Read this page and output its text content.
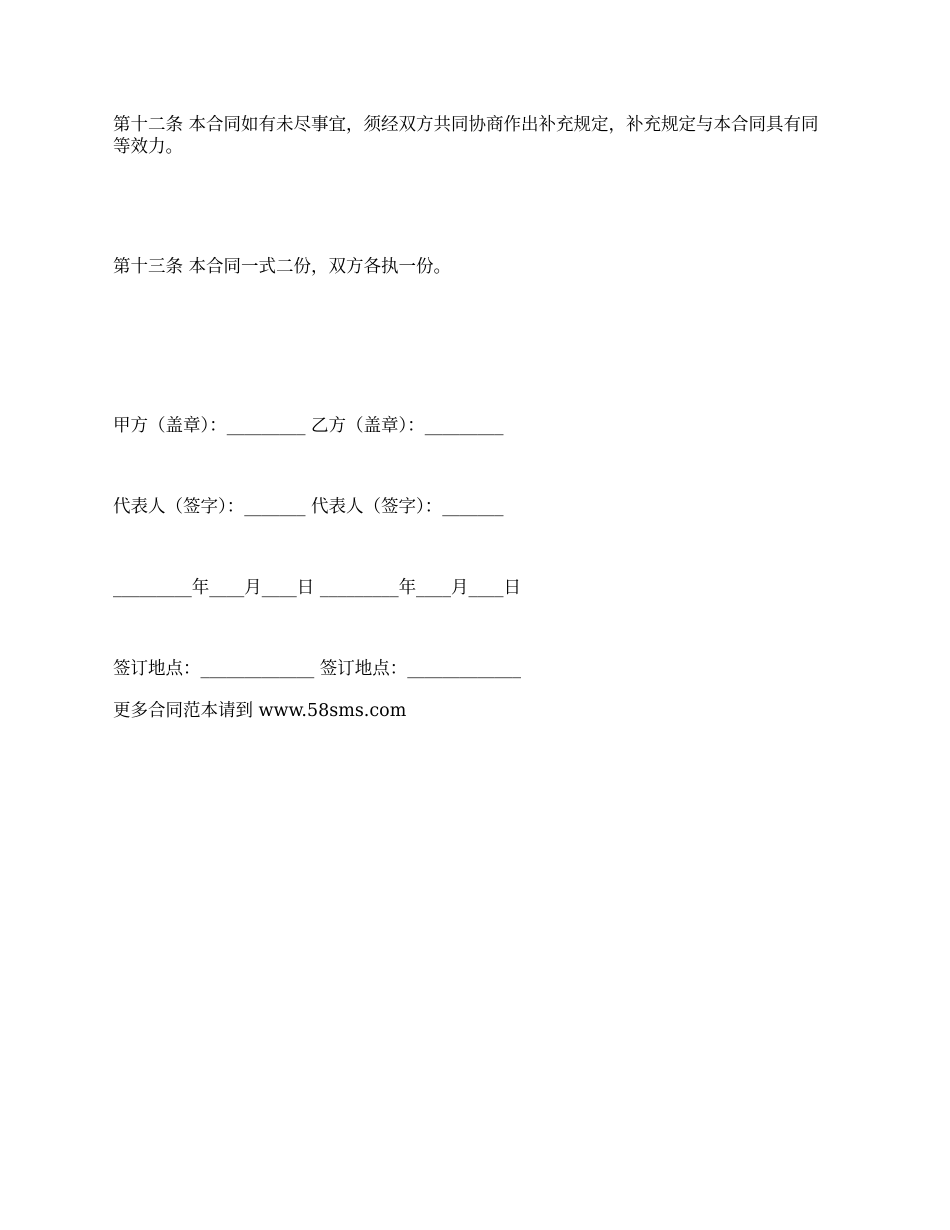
第十二条 本合同如有未尽事宜，须经双方共同协商作出补充规定，补充规定与本合同具有同等效力。
第十三条 本合同一式二份，双方各执一份。
甲方（盖章）：_________ 乙方（盖章）：_________
代表人（签字）：_______ 代表人（签字）：_______
_________年____月____日 _________年____月____日
签订地点：_____________ 签订地点：_____________
更多合同范本请到 www.58sms.com
